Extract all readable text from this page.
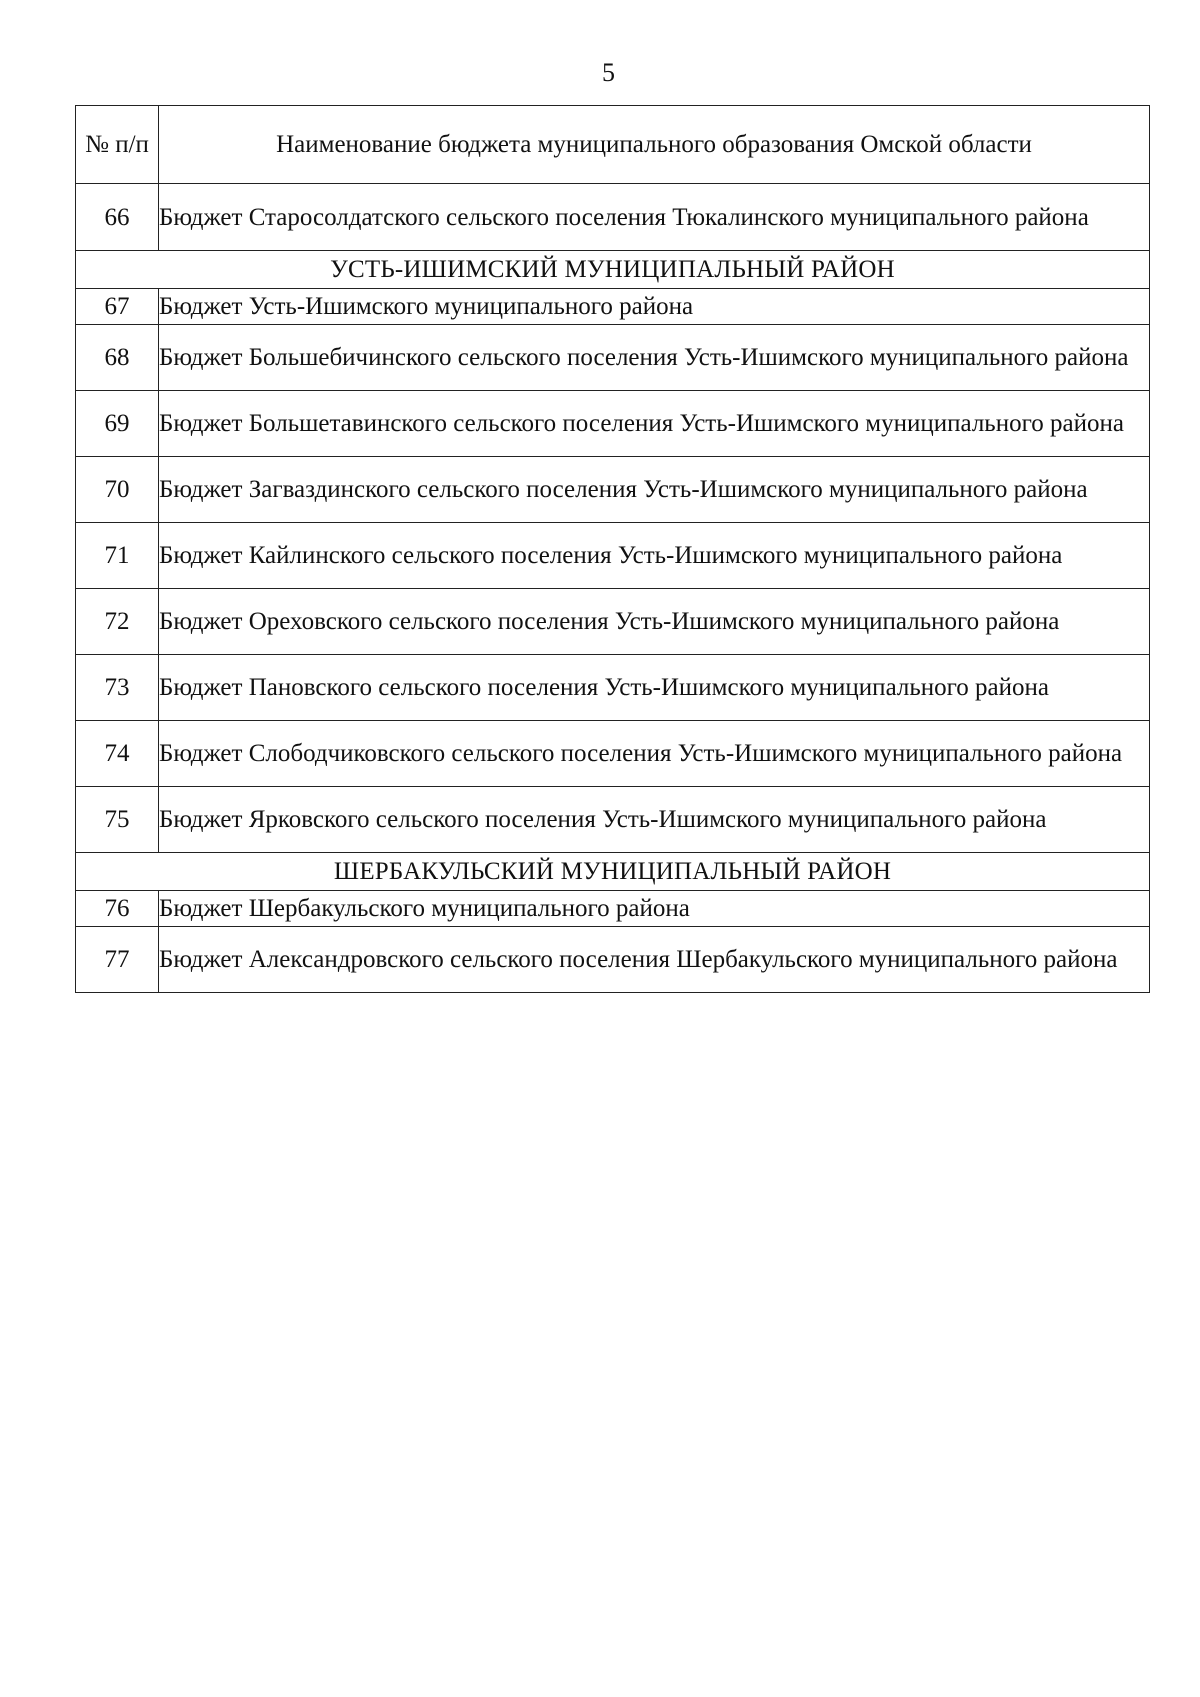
5
№ п/п	Наименование бюджета муниципального образования Омской области
66	Бюджет Старосолдатского сельского поселения Тюкалинского муниципального района
УСТЬ-ИШИМСКИЙ МУНИЦИПАЛЬНЫЙ РАЙОН	
67	Бюджет Усть-Ишимского муниципального района
68	Бюджет Большебичинского сельского поселения Усть-Ишимского муниципального района
69	Бюджет Большетавинского сельского поселения Усть-Ишимского муниципального района
70	Бюджет Загваздинского сельского поселения Усть-Ишимского муниципального района
71	Бюджет Кайлинского сельского поселения Усть-Ишимского муниципального района
72	Бюджет Ореховского сельского поселения Усть-Ишимского муниципального района
73	Бюджет Пановского сельского поселения Усть-Ишимского муниципального района
74	Бюджет Слободчиковского сельского поселения Усть-Ишимского муниципального района
75	Бюджет Ярковского сельского поселения Усть-Ишимского муниципального района
ШЕРБАКУЛЬСКИЙ МУНИЦИПАЛЬНЫЙ РАЙОН	
76	Бюджет Шербакульского муниципального района
77	Бюджет Александровского сельского поселения Шербакульского муниципального района
